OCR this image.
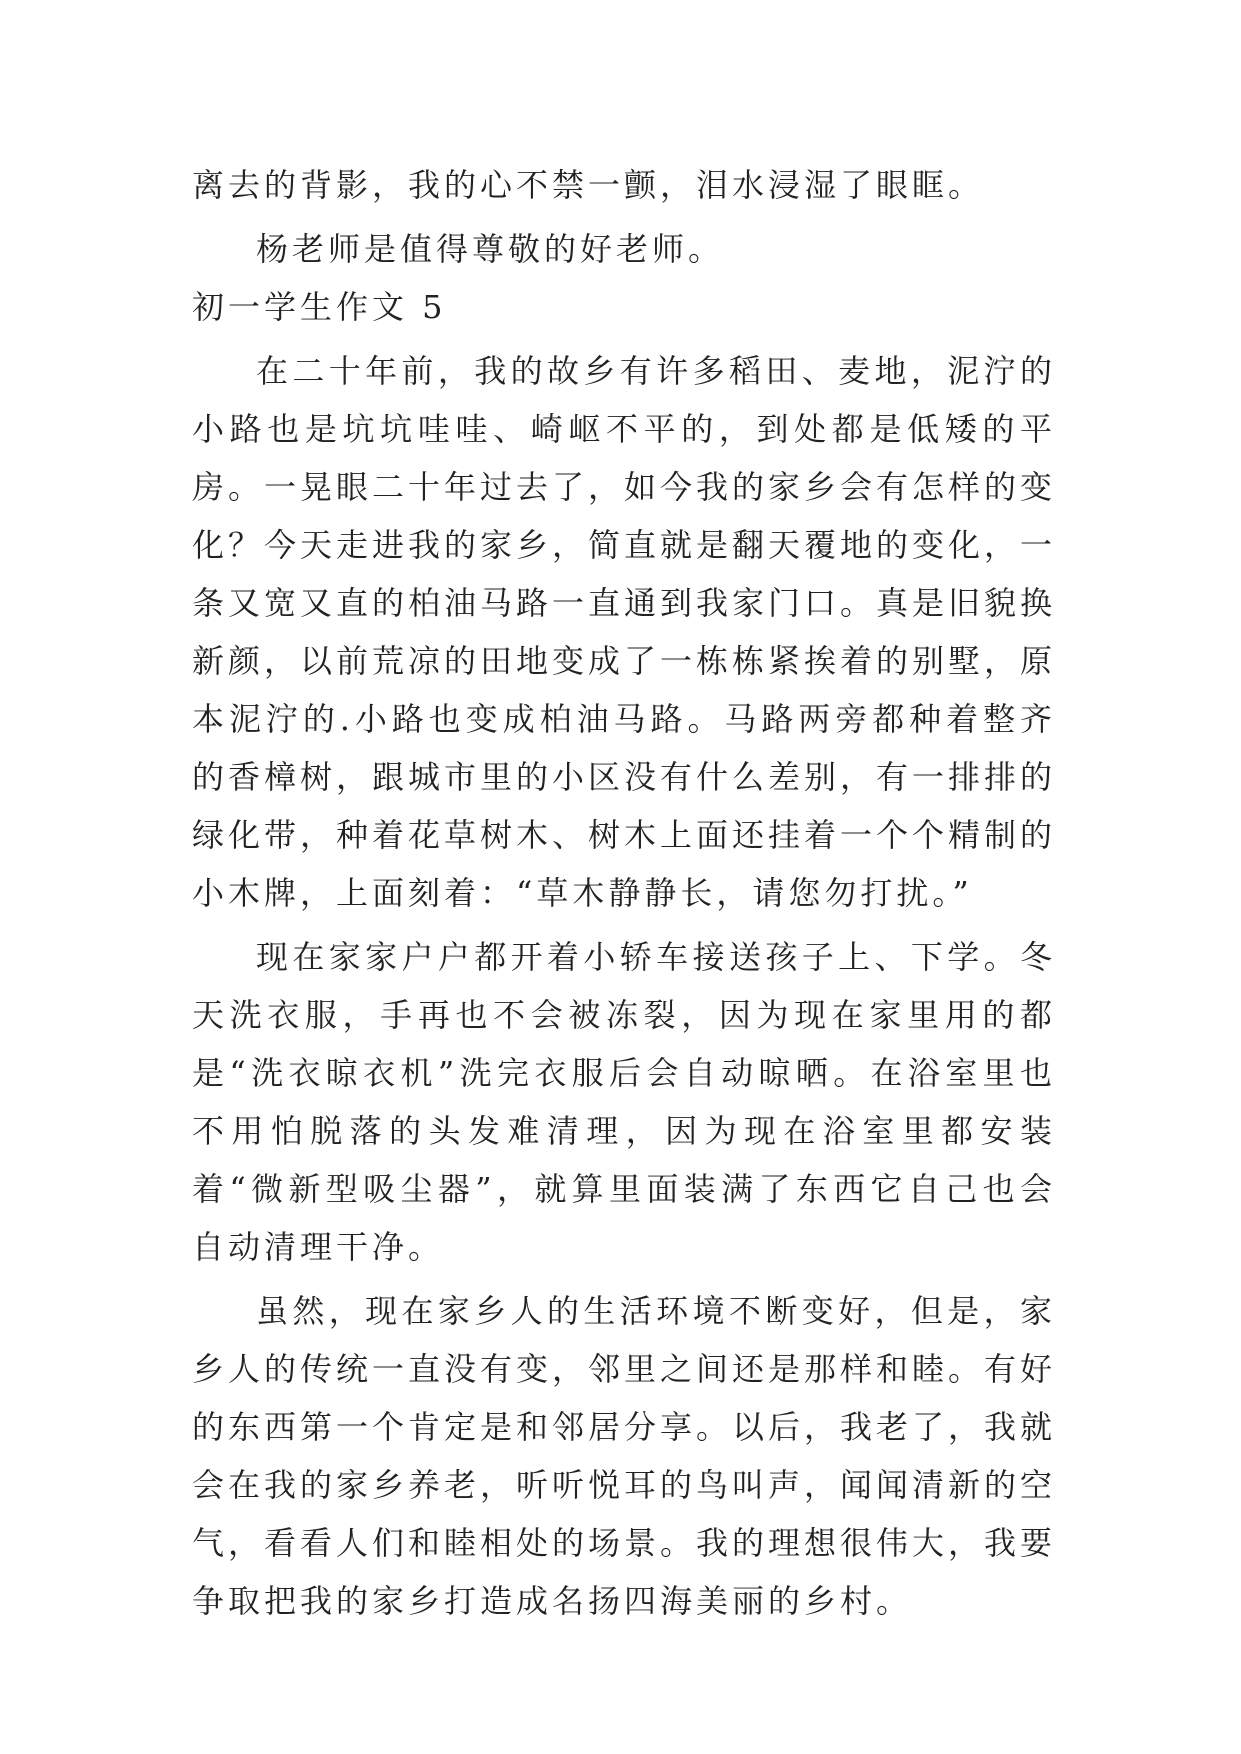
离去的背影，我的心不禁一颤，泪水浸湿了眼眶。

杨老师是值得尊敬的好老师。

初一学生作文 5

在二十年前，我的故乡有许多稻田、麦地，泥泞的小路也是坑坑哇哇、崎岖不平的，到处都是低矮的平房。一晃眼二十年过去了，如今我的家乡会有怎样的变化？今天走进我的家乡，简直就是翻天覆地的变化，一条又宽又直的柏油马路一直通到我家门口。真是旧貌换新颜，以前荒凉的田地变成了一栋栋紧挨着的别墅，原本泥泞的.小路也变成柏油马路。马路两旁都种着整齐的香樟树，跟城市里的小区没有什么差别，有一排排的绿化带，种着花草树木、树木上面还挂着一个个精制的小木牌，上面刻着：“草木静静长，请您勿打扰。”

现在家家户户都开着小轿车接送孩子上、下学。冬天洗衣服，手再也不会被冻裂，因为现在家里用的都是“洗衣晾衣机”洗完衣服后会自动晾晒。在浴室里也不用怕脱落的头发难清理，因为现在浴室里都安装着“微新型吸尘器”，就算里面装满了东西它自己也会自动清理干净。

虽然，现在家乡人的生活环境不断变好，但是，家乡人的传统一直没有变，邻里之间还是那样和睦。有好的东西第一个肯定是和邻居分享。以后，我老了，我就会在我的家乡养老，听听悦耳的鸟叫声，闻闻清新的空气，看看人们和睦相处的场景。我的理想很伟大，我要争取把我的家乡打造成名扬四海美丽的乡村。
